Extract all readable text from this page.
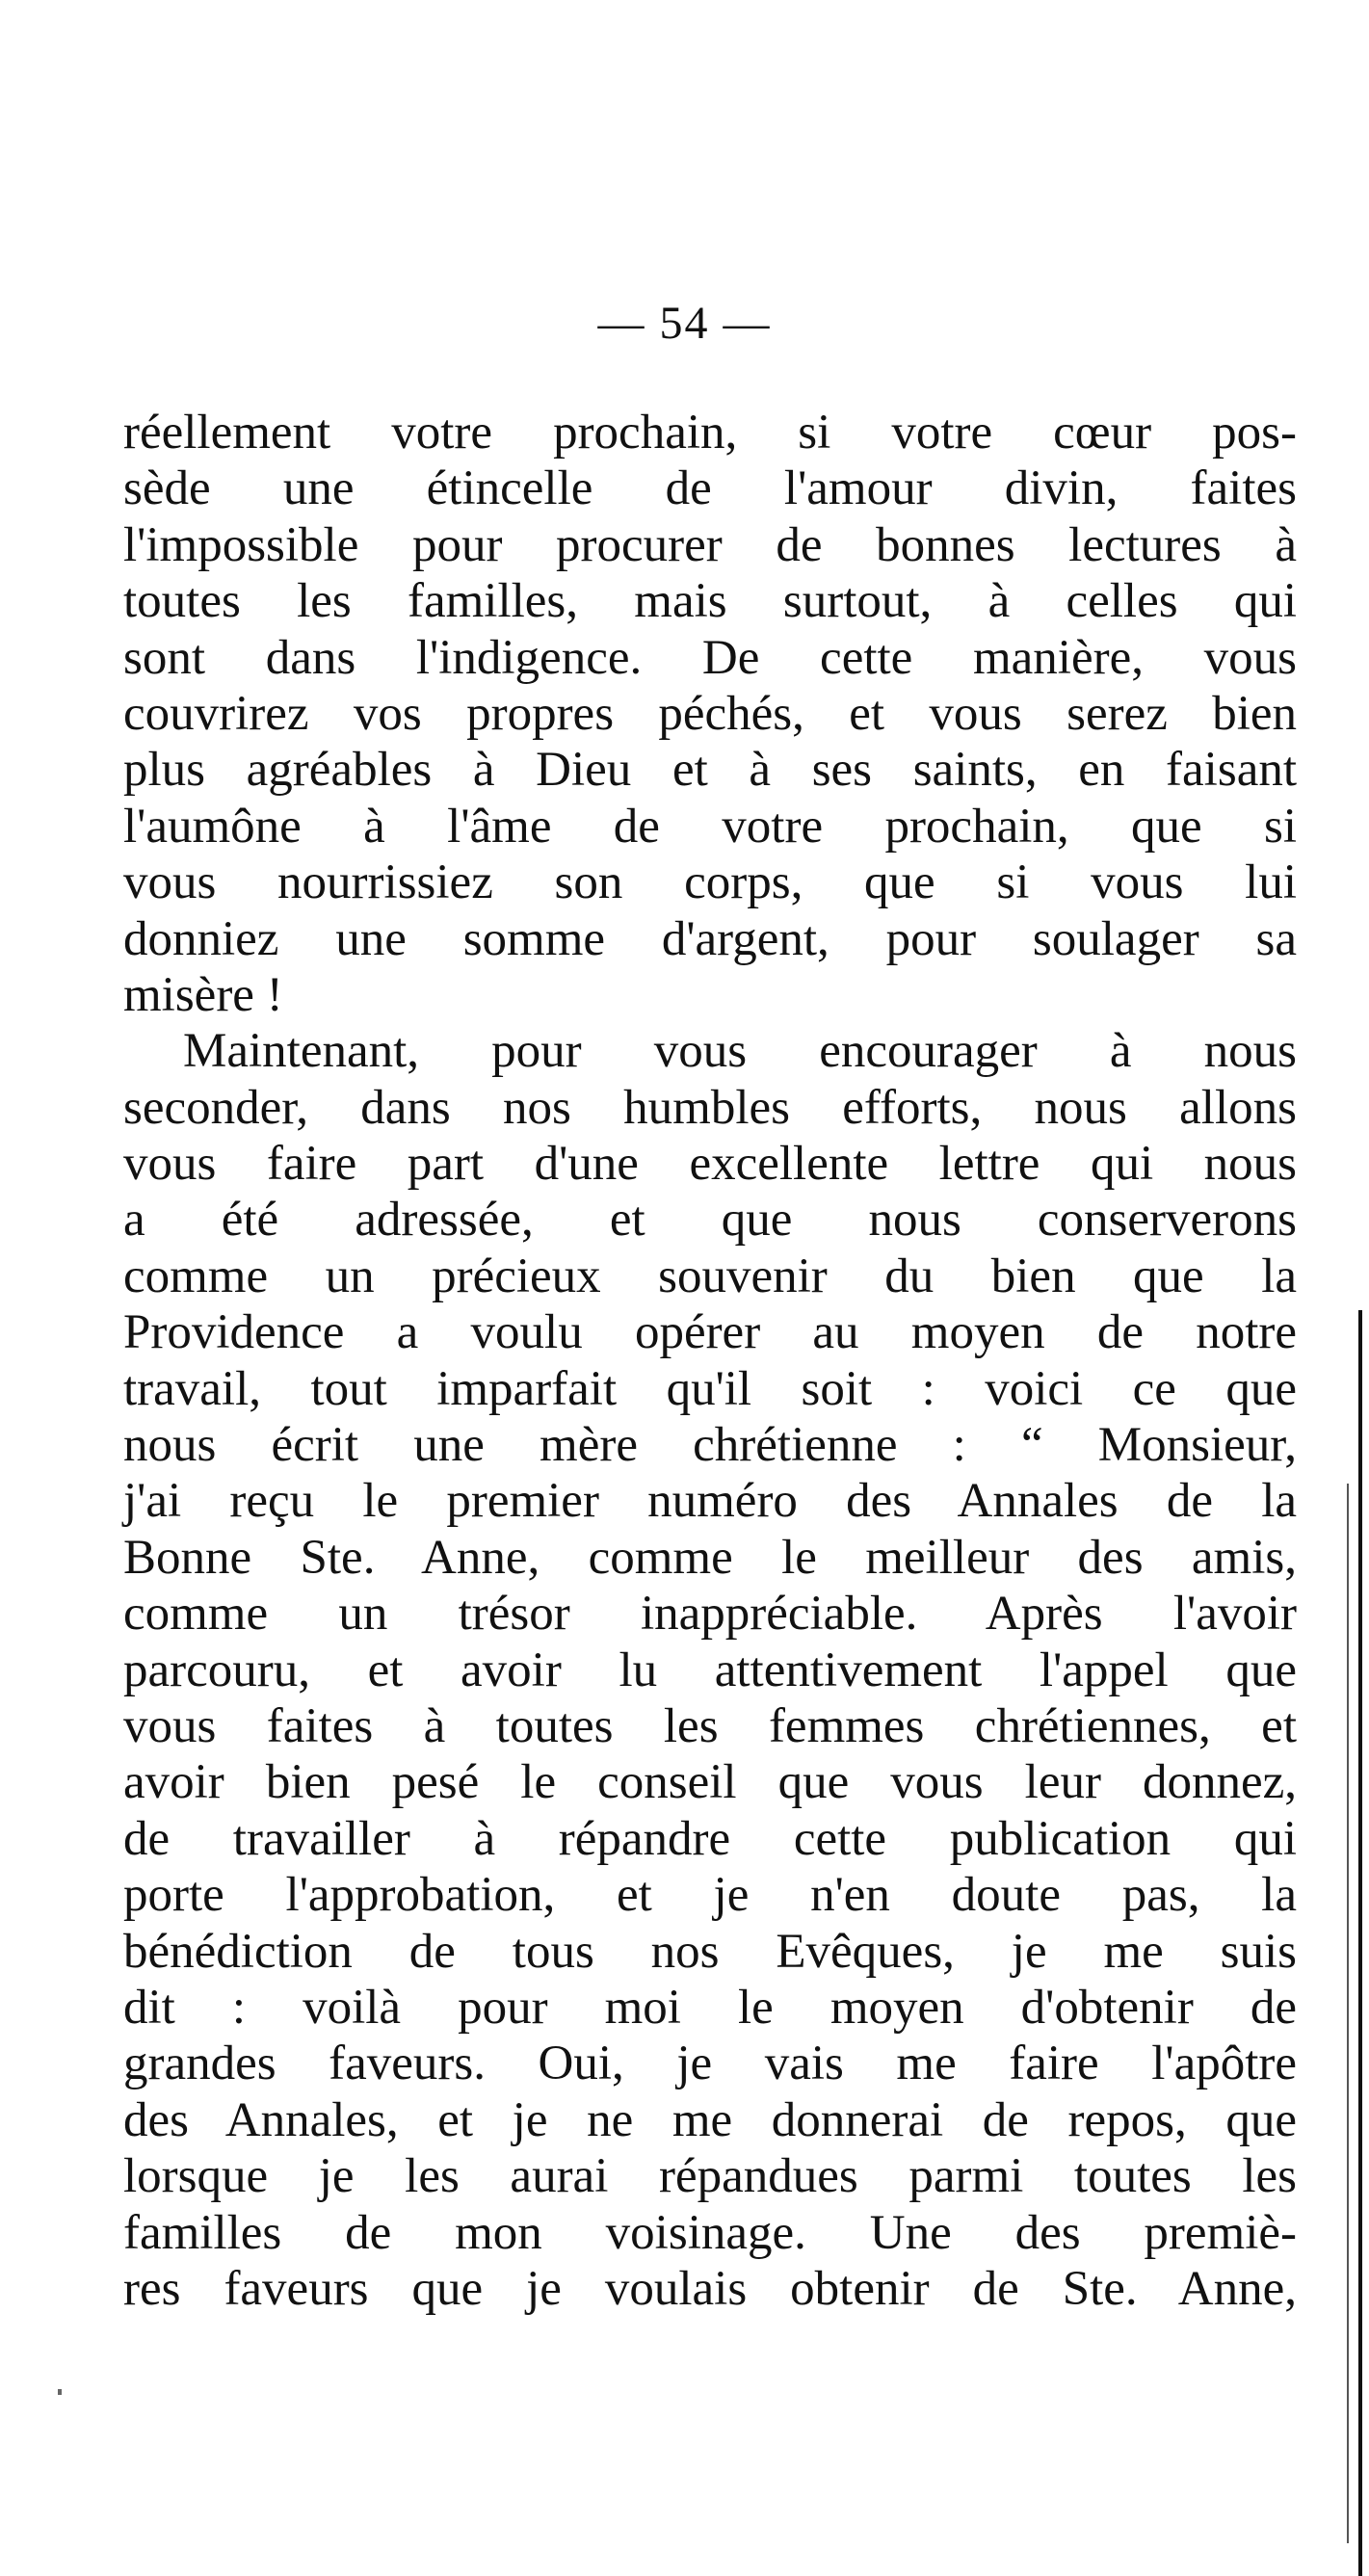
— 54 —
réellement votre prochain, si votre cœur pos-
sède une étincelle de l'amour divin, faites
l'impossible pour procurer de bonnes lectures à
toutes les familles, mais surtout, à celles qui
sont dans l'indigence. De cette manière, vous
couvrirez vos propres péchés, et vous serez bien
plus agréables à Dieu et à ses saints, en faisant
l'aumône à l'âme de votre prochain, que si
vous nourrissiez son corps, que si vous lui
donniez une somme d'argent, pour soulager sa
misère !
Maintenant, pour vous encourager à nous
seconder, dans nos humbles efforts, nous allons
vous faire part d'une excellente lettre qui nous
a été adressée, et que nous conserverons
comme un précieux souvenir du bien que la
Providence a voulu opérer au moyen de notre
travail, tout imparfait qu'il soit : voici ce que
nous écrit une mère chrétienne : “ Monsieur,
j'ai reçu le premier numéro des Annales de la
Bonne Ste. Anne, comme le meilleur des amis,
comme un trésor inappréciable. Après l'avoir
parcouru, et avoir lu attentivement l'appel que
vous faites à toutes les femmes chrétiennes, et
avoir bien pesé le conseil que vous leur donnez,
de travailler à répandre cette publication qui
porte l'approbation, et je n'en doute pas, la
bénédiction de tous nos Evêques, je me suis
dit : voilà pour moi le moyen d'obtenir de
grandes faveurs. Oui, je vais me faire l'apôtre
des Annales, et je ne me donnerai de repos, que
lorsque je les aurai répandues parmi toutes les
familles de mon voisinage. Une des premiè-
res faveurs que je voulais obtenir de Ste. Anne,
